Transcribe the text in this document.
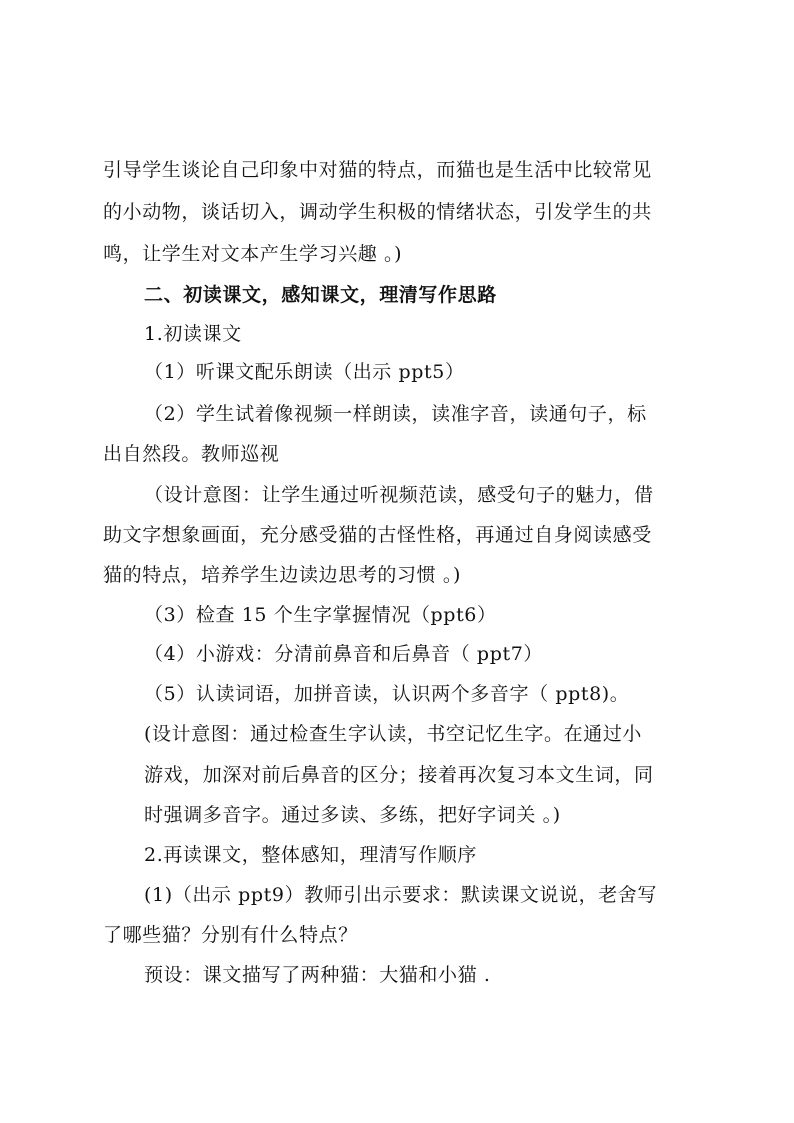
引导学生谈论自己印象中对猫的特点，而猫也是生活中比较常见
的小动物，谈话切入，调动学生积极的情绪状态，引发学生的共
鸣，让学生对文本产生学习兴趣 。)
二、初读课文，感知课文，理清写作思路
1.初读课文
（1）听课文配乐朗读（出示 ppt5）
（2）学生试着像视频一样朗读，读准字音，读通句子，标
出自然段。教师巡视
（设计意图：让学生通过听视频范读，感受句子的魅力，借
助文字想象画面，充分感受猫的古怪性格，再通过自身阅读感受
猫的特点，培养学生边读边思考的习惯 。)
（3）检查 15 个生字掌握情况（ppt6）
（4）小游戏：分清前鼻音和后鼻音（ ppt7）
（5）认读词语，加拼音读，认识两个多音字（ ppt8)。
(设计意图：通过检查生字认读，书空记忆生字。在通过小
游戏，加深对前后鼻音的区分；接着再次复习本文生词，同
时强调多音字。通过多读、多练，把好字词关 。)
2.再读课文，整体感知，理清写作顺序
(1)（出示 ppt9）教师引出示要求：默读课文说说，老舍写
了哪些猫？分别有什么特点？
预设：课文描写了两种猫：大猫和小猫 .
